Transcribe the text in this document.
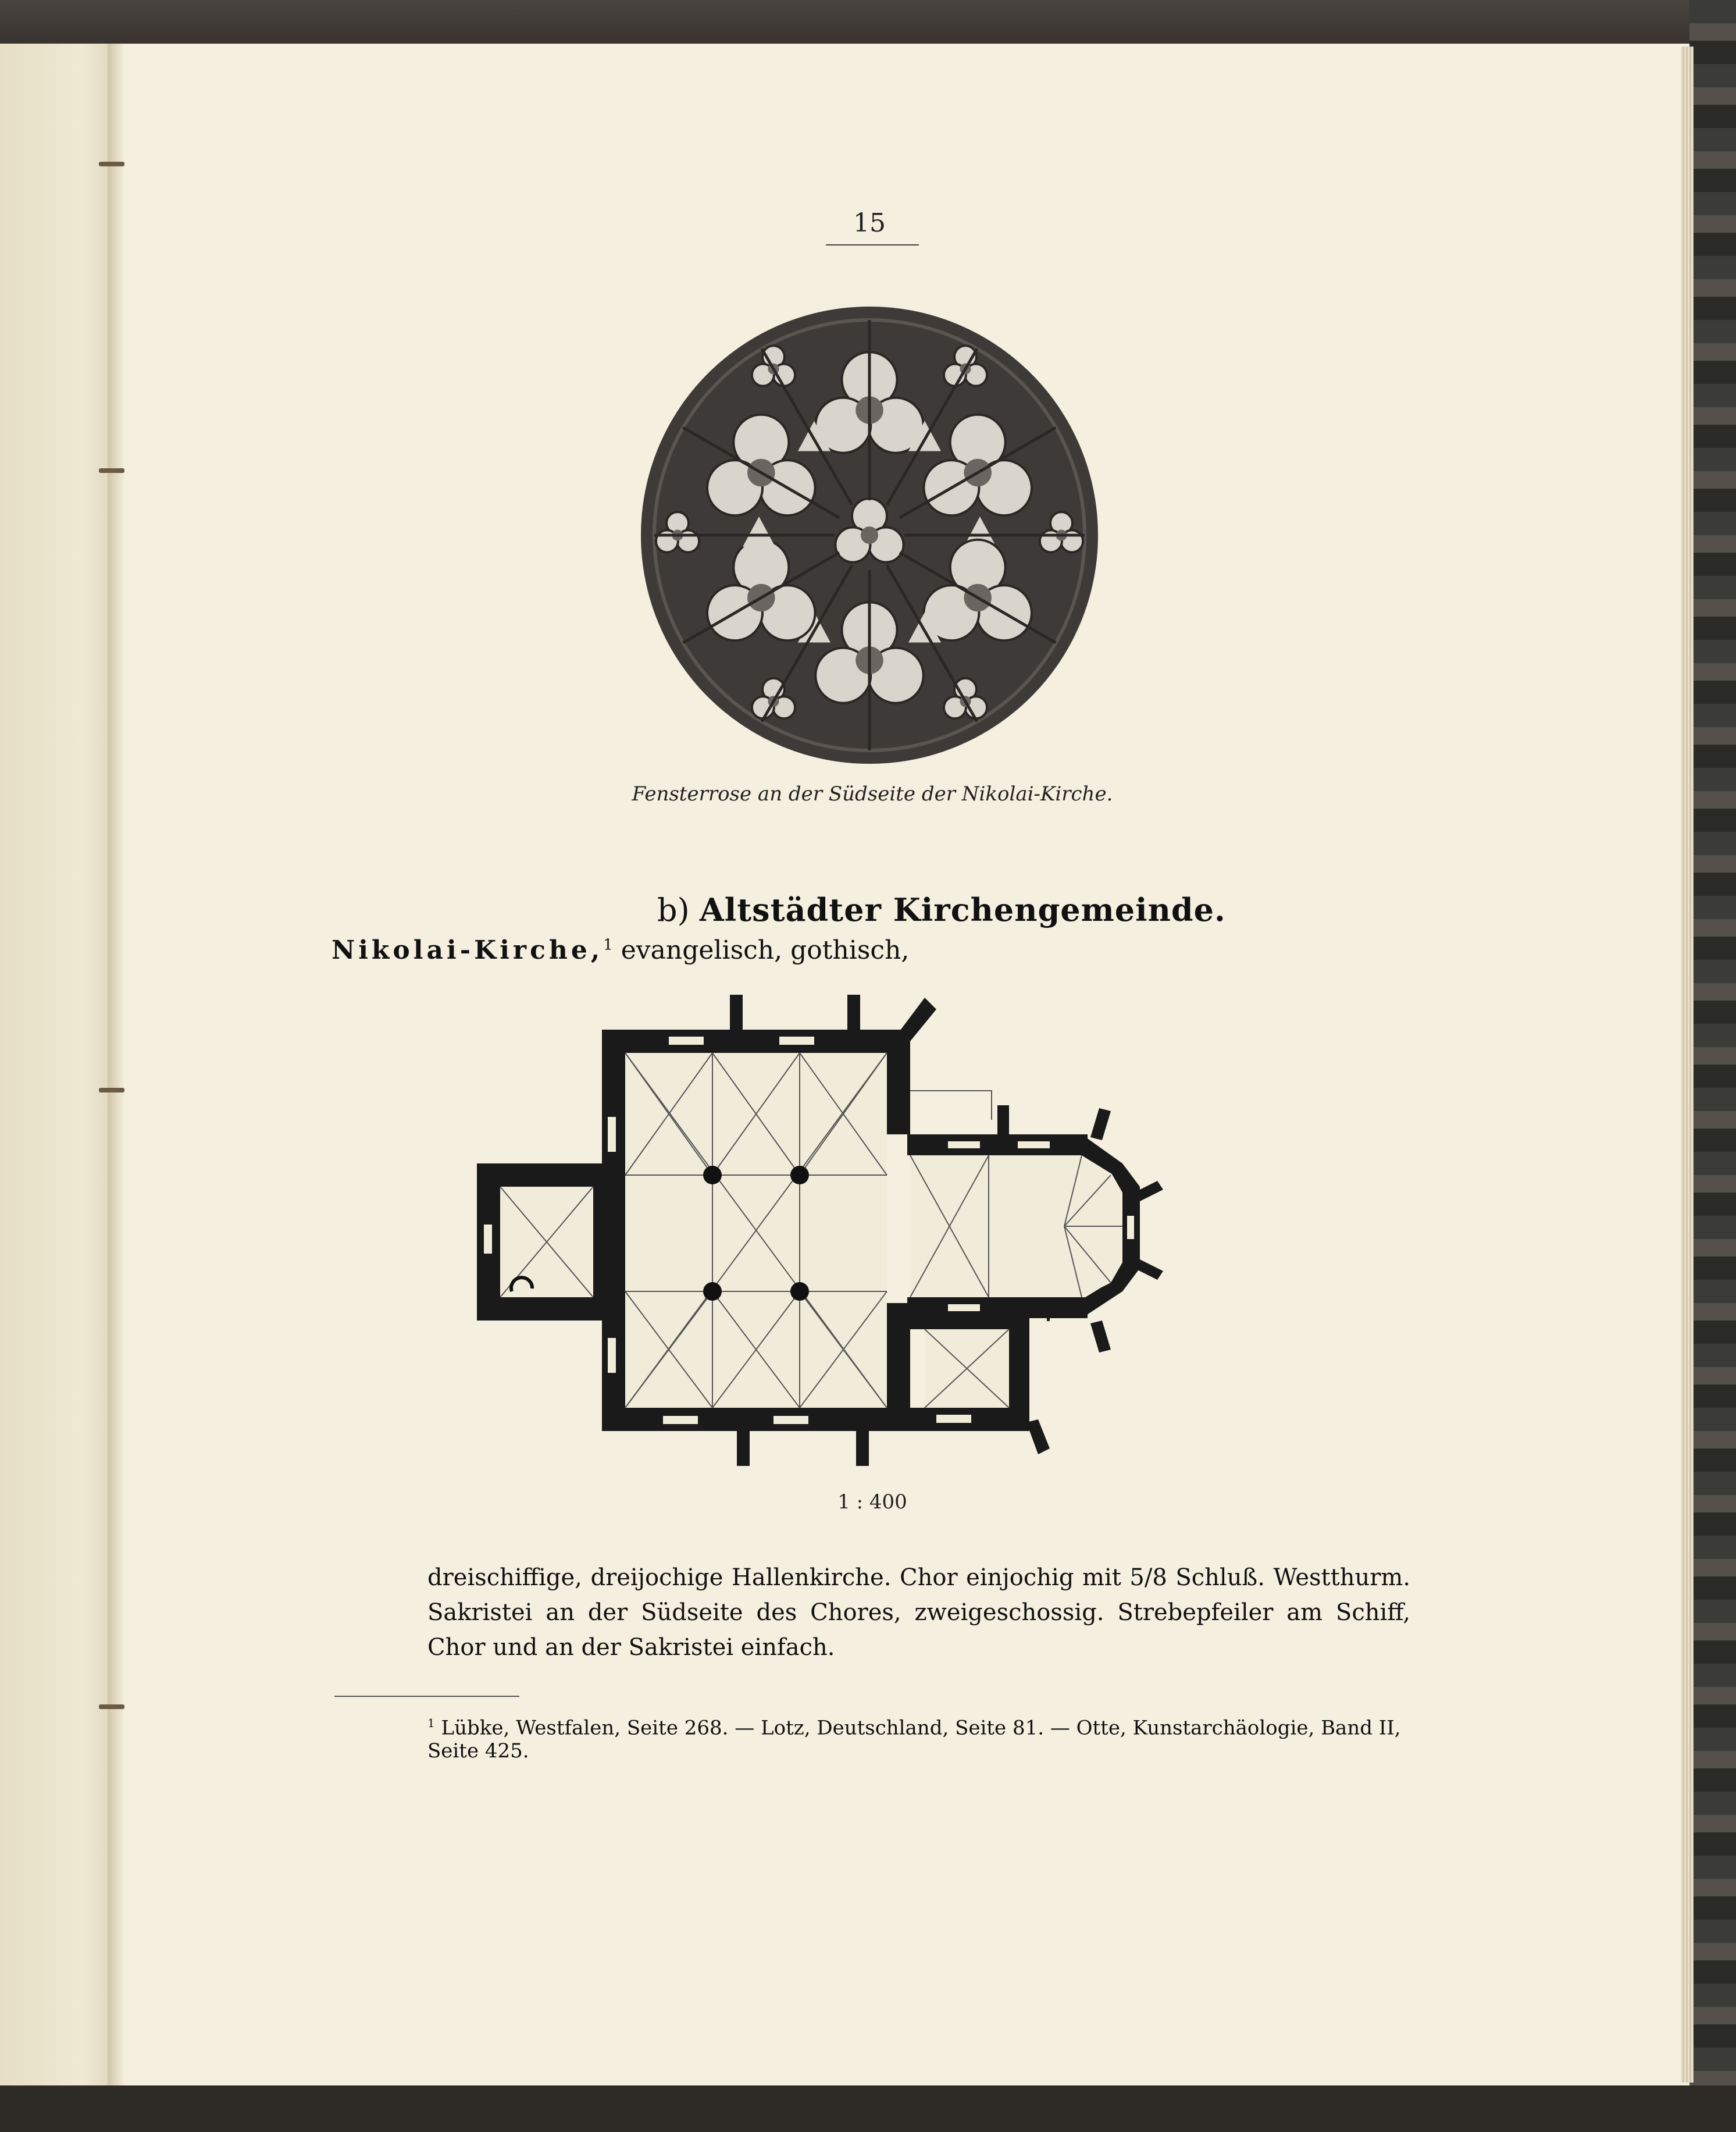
15
Fensterrose an der Südseite der Nikolai-Kirche.
b) Altstädter Kirchengemeinde.
Nikolai-Kirche,$^1$ evangelisch, gothisch,
1 : 400
dreischiffige, dreijochige Hallenkirche. Chor einjochig mit 5/8 Schluß. Westthurm. Sakristei an der Südseite des Chores, zweigeschossig. Strebepfeiler am Schiff, Chor und an der Sakristei einfach.
$^1$ Lübke, Westfalen, Seite 268. — Lotz, Deutschland, Seite 81. — Otte, Kunstarchäologie, Band II, Seite 425.
